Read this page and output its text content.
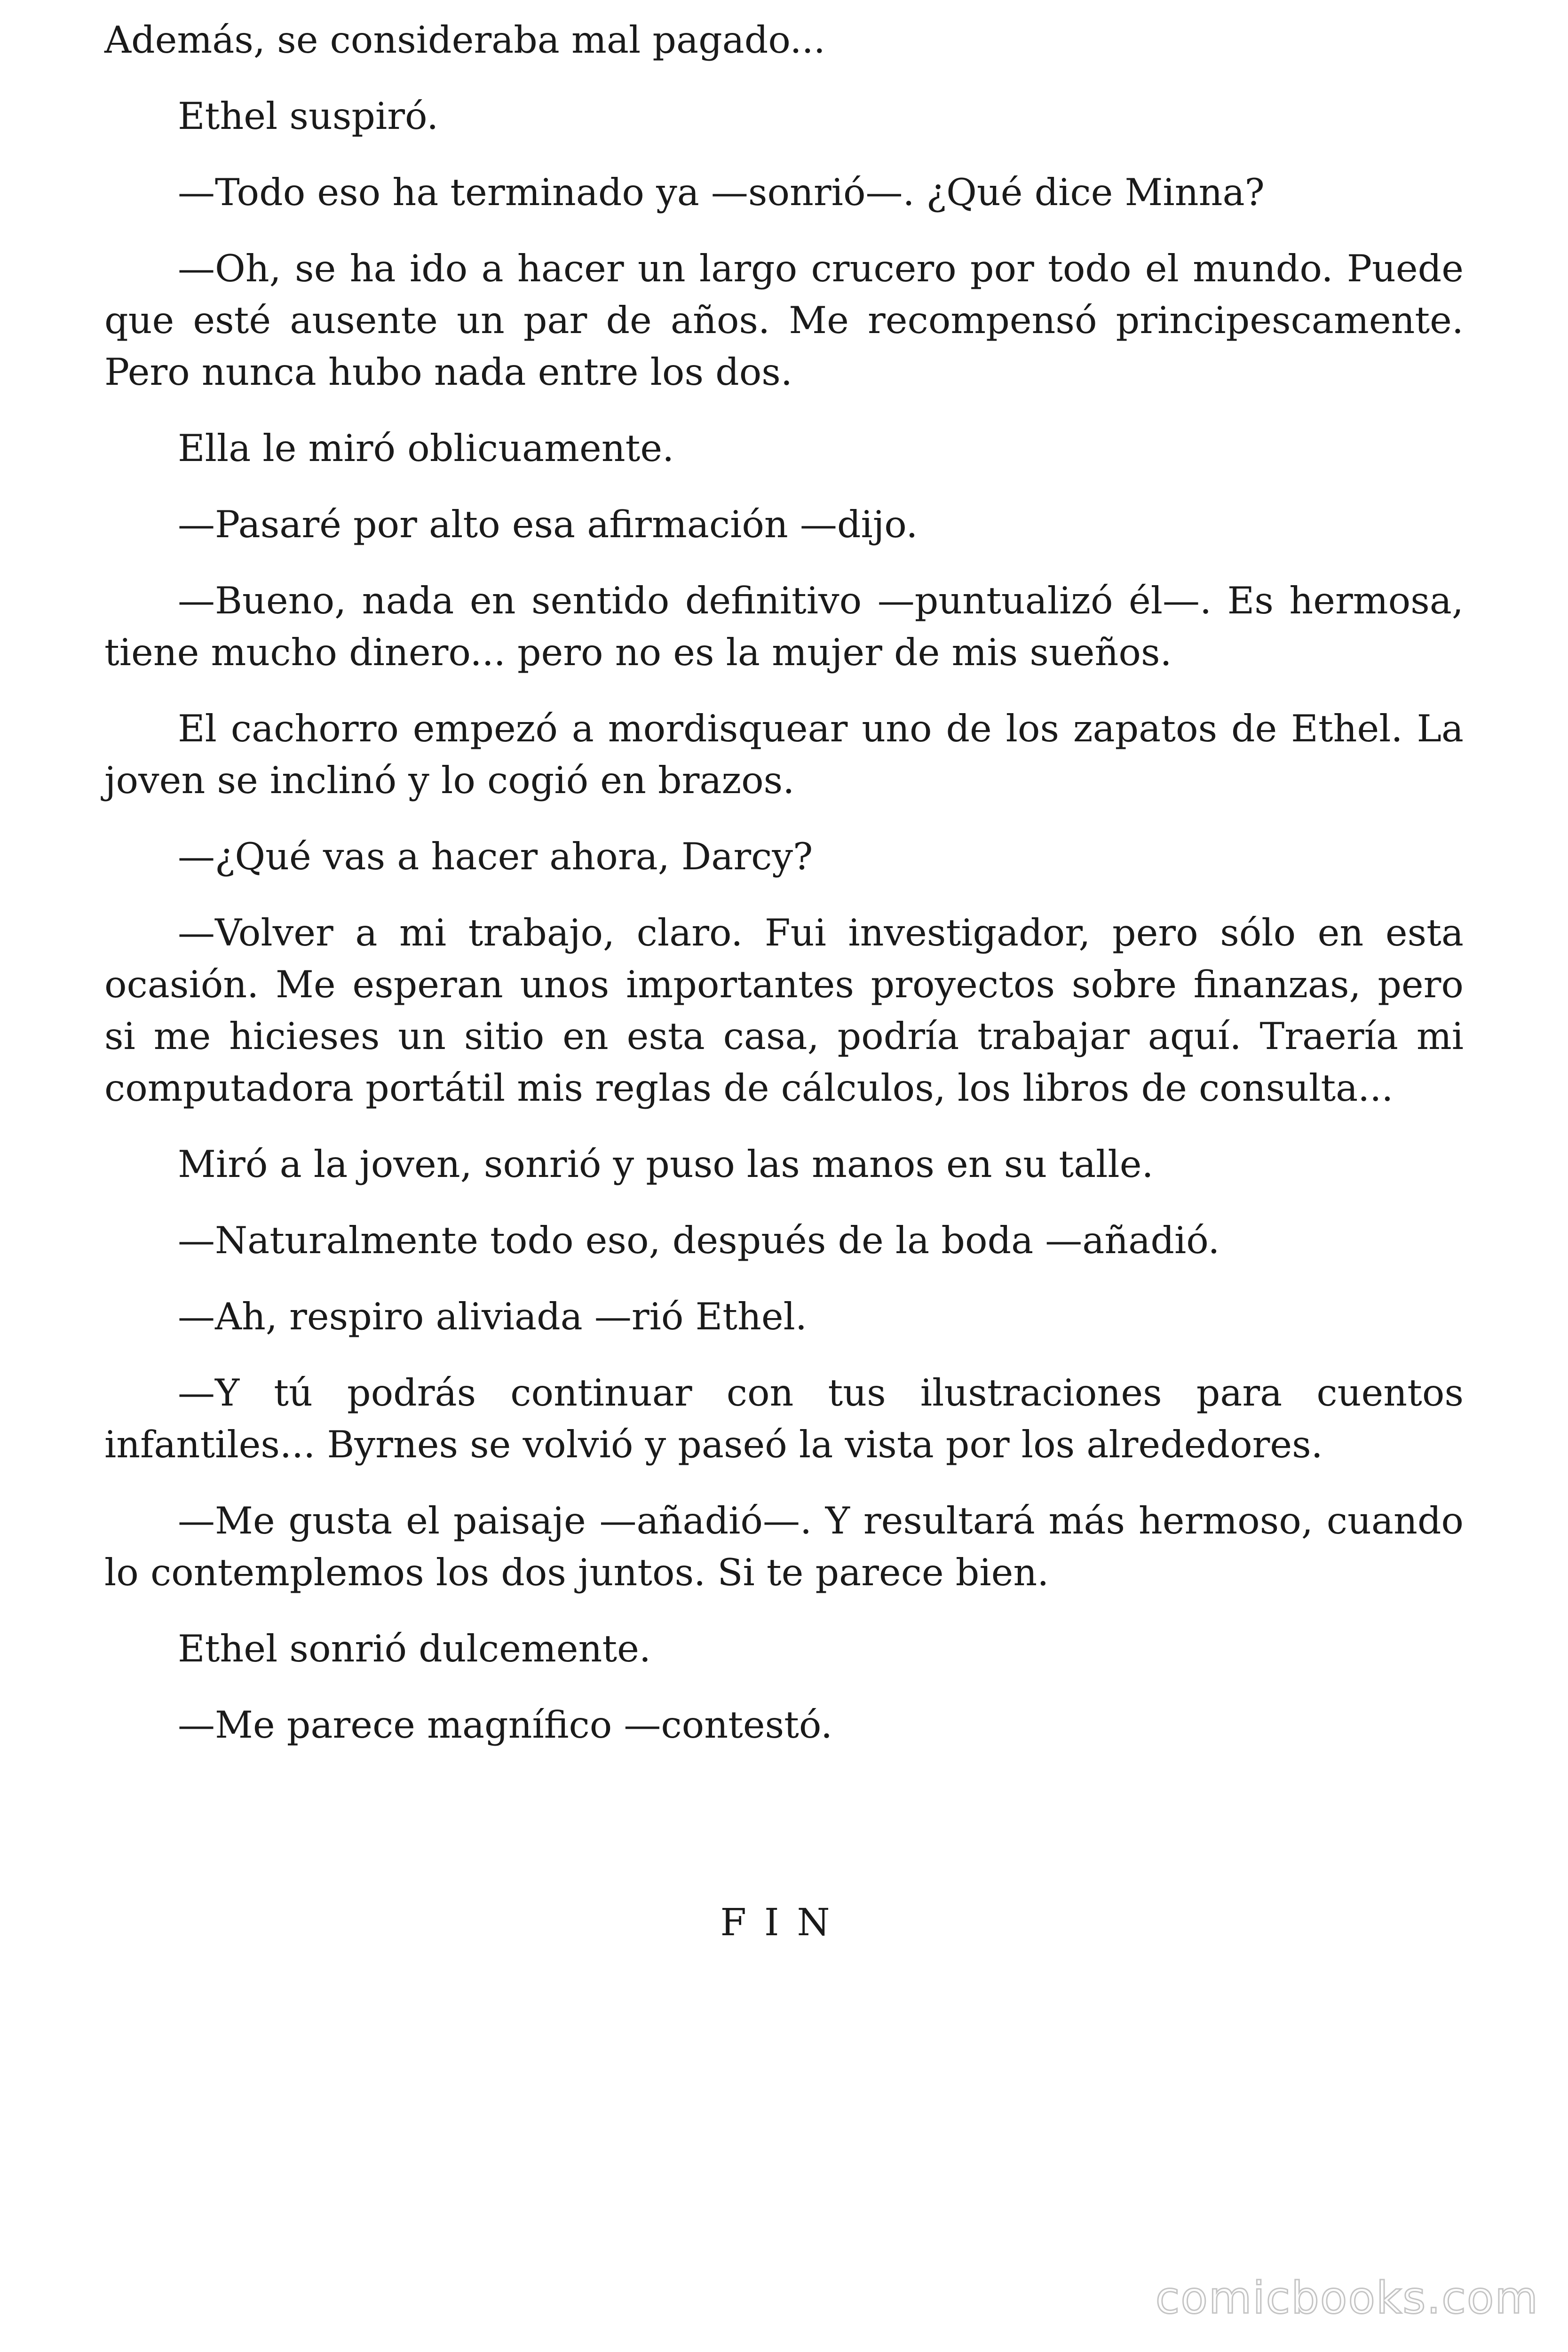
Además, se consideraba mal pagado...

Ethel suspiró.

—Todo eso ha terminado ya —sonrió—. ¿Qué dice Minna?

—Oh, se ha ido a hacer un largo crucero por todo el mundo. Puede que esté ausente un par de años. Me recompensó principescamente. Pero nunca hubo nada entre los dos.

Ella le miró oblicuamente.

—Pasaré por alto esa afirmación —dijo.

—Bueno, nada en sentido definitivo —puntualizó él—. Es hermosa, tiene mucho dinero... pero no es la mujer de mis sueños.

El cachorro empezó a mordisquear uno de los zapatos de Ethel. La joven se inclinó y lo cogió en brazos.

—¿Qué vas a hacer ahora, Darcy?

—Volver a mi trabajo, claro. Fui investigador, pero sólo en esta ocasión. Me esperan unos importantes proyectos sobre finanzas, pero si me hicieses un sitio en esta casa, podría trabajar aquí. Traería mi computadora portátil mis reglas de cálculos, los libros de consulta...

Miró a la joven, sonrió y puso las manos en su talle.

—Naturalmente todo eso, después de la boda —añadió.

—Ah, respiro aliviada —rió Ethel.

—Y tú podrás continuar con tus ilustraciones para cuentos infantiles... Byrnes se volvió y paseó la vista por los alrededores.

—Me gusta el paisaje —añadió—. Y resultará más hermoso, cuando lo contemplemos los dos juntos. Si te parece bien.

Ethel sonrió dulcemente.

—Me parece magnífico —contestó.

FIN
comicbooks.com
